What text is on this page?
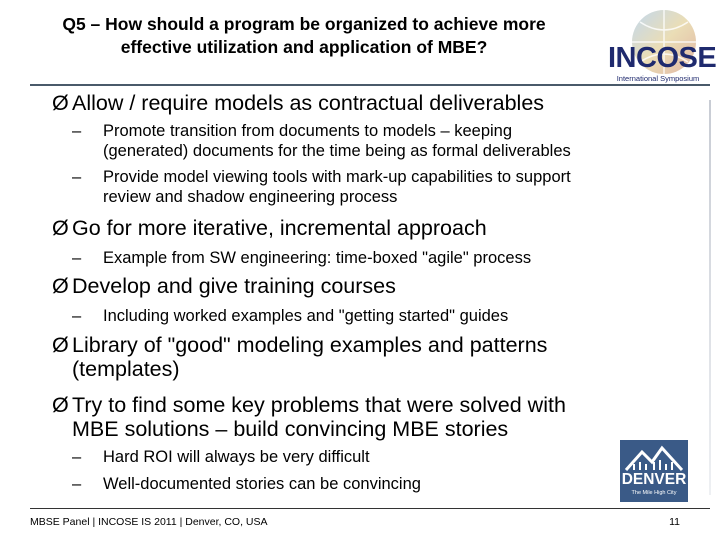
Q5 – How should a program be organized to achieve more
effective utilization and application of MBE?	INCOSE
International Symposium
Ø Allow / require models as contractual deliverables
– Promote transition from documents to models – keeping
(generated) documents for the time being as formal deliverables
– Provide model viewing tools with mark-up capabilities to support
review and shadow engineering process
Ø Go for more iterative, incremental approach
– Example from SW engineering: time-boxed "agile" process
Ø Develop and give training courses
– Including worked examples and "getting started" guides
Ø Library of "good" modeling examples and patterns
(templates)
Ø Try to find some key problems that were solved with
MBE solutions – build convincing MBE stories
– Hard ROI will always be very difficult
– Well-documented stories can be convincing	DENVER
The Mile High City
MBSE Panel | INCOSE IS 2011 | Denver, CO, USA	11
